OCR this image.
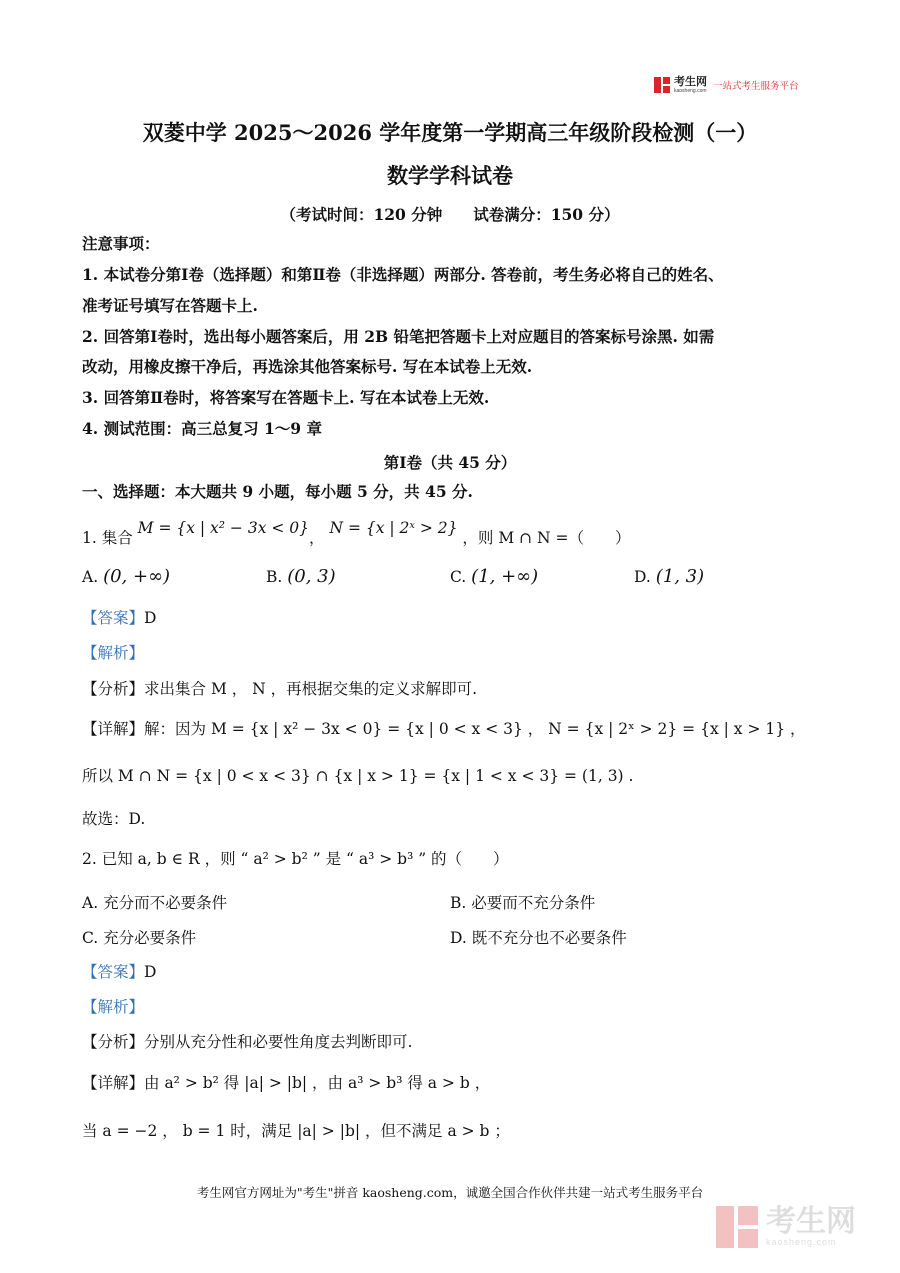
考生网
kaosheng.com 一站式考生服务平台
双菱中学 2025～2026 学年度第一学期高三年级阶段检测（一）
数学学科试卷
（考试时间：120 分钟　　试卷满分：150 分）
注意事项：
1. 本试卷分第Ⅰ卷（选择题）和第Ⅱ卷（非选择题）两部分. 答卷前，考生务必将自己的姓名、
准考证号填写在答题卡上.
2. 回答第Ⅰ卷时，选出每小题答案后，用 2B 铅笔把答题卡上对应题目的答案标号涂黑. 如需
改动，用橡皮擦干净后，再选涂其他答案标号. 写在本试卷上无效.
3. 回答第Ⅱ卷时，将答案写在答题卡上. 写在本试卷上无效.
4. 测试范围：高三总复习 1～9 章
第Ⅰ卷（共 45 分）
一、选择题：本大题共 9 小题，每小题 5 分，共 45 分.
1. 集合 M = {x | x² − 3x < 0}， N = {x | 2ˣ > 2} ，则 M ∩ N =（　　）
A. (0, +∞)	B. (0, 3)	C. (1, +∞)	D. (1, 3)
【答案】D
【解析】
【分析】求出集合 M ， N ，再根据交集的定义求解即可.
【详解】解：因为 M = {x | x² − 3x < 0} = {x | 0 < x < 3} ， N = {x | 2ˣ > 2} = {x | x > 1} ，
所以 M ∩ N = {x | 0 < x < 3} ∩ {x | x > 1} = {x | 1 < x < 3} = (1, 3) .
故选：D.
2. 已知 a, b ∈ R ，则 “ a² > b² ” 是 “ a³ > b³ ” 的（　　）
A. 充分而不必要条件	B. 必要而不充分条件
C. 充分必要条件	D. 既不充分也不必要条件
【答案】D
【解析】
【分析】分别从充分性和必要性角度去判断即可.
【详解】由 a² > b² 得 |a| > |b| ，由 a³ > b³ 得 a > b ，
当 a = −2 ， b = 1 时，满足 |a| > |b| ，但不满足 a > b ；
考生网官方网址为"考生"拼音 kaosheng.com，诚邀全国合作伙伴共建一站式考生服务平台
考生网
kaosheng.com
